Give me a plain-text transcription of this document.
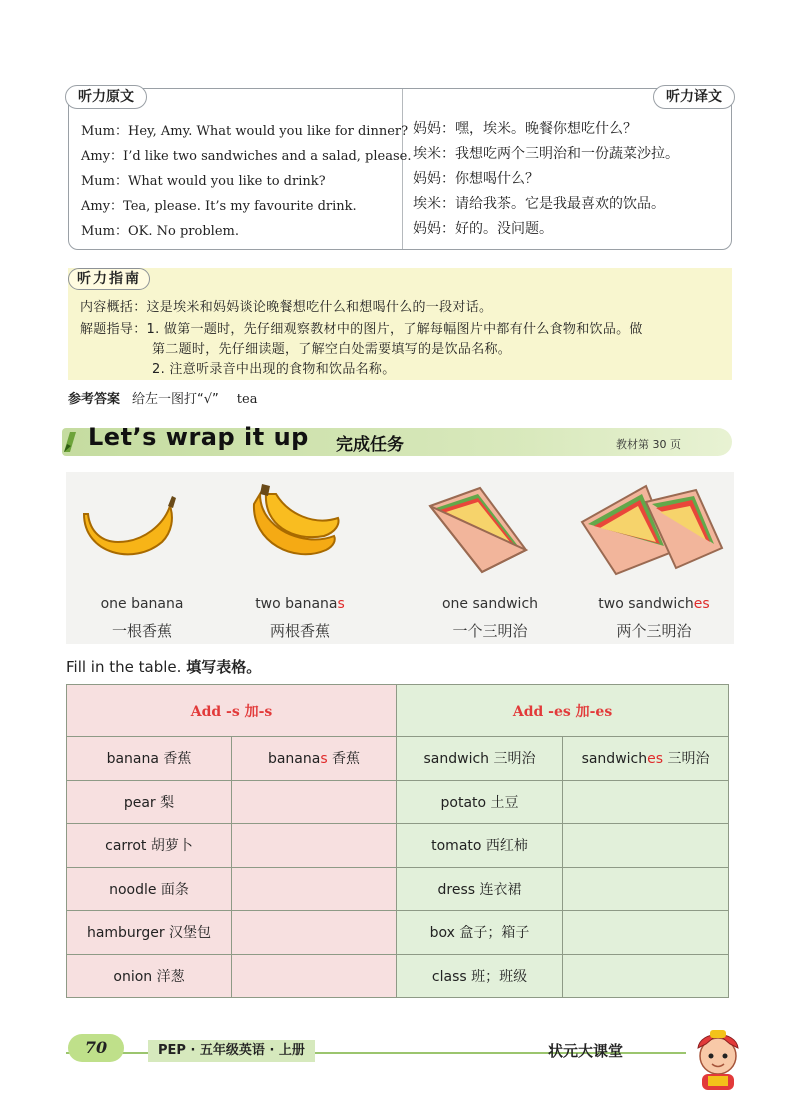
听力原文	听力译文
Mum：Hey, Amy. What would you like for dinner?
Amy：I’d like two sandwiches and a salad, please.
Mum：What would you like to drink?
Amy：Tea, please. It’s my favourite drink.
Mum：OK. No problem.
妈妈：嘿，埃米。晚餐你想吃什么？
埃米：我想吃两个三明治和一份蔬菜沙拉。
妈妈：你想喝什么？
埃米：请给我茶。它是我最喜欢的饮品。
妈妈：好的。没问题。
听力指南
内容概括：这是埃米和妈妈谈论晚餐想吃什么和想喝什么的一段对话。
解题指导：1. 做第一题时，先仔细观察教材中的图片，了解每幅图片中都有什么食物和饮品。做
第二题时，先仔细读题，了解空白处需要填写的是饮品名称。
2. 注意听录音中出现的食物和饮品名称。
参考答案 给左一图打“√” tea
Let’s wrap it up 完成任务	教材第 30 页
one banana
一根香蕉
two bananas
两根香蕉
one sandwich
一个三明治
two sandwiches
两个三明治
Fill in the table. 填写表格。
Add -s 加-s		Add -es 加-es	
banana 香蕉	bananas 香蕉	sandwich 三明治	sandwiches 三明治
pear 梨		potato 土豆	
carrot 胡萝卜		tomato 西红柿	
noodle 面条		dress 连衣裙	
hamburger 汉堡包		box 盒子；箱子	
onion 洋葱		class 班；班级	
70	PEP · 五年级英语 · 上册	状元大课堂
